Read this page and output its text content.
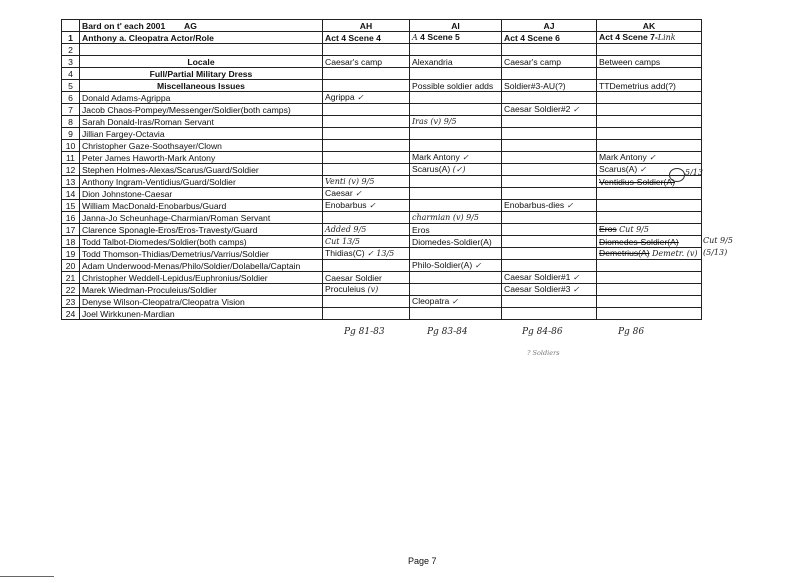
	Bard on t' each 2001 AG	AH	AI	AJ	AK
1	Anthony a. Cleopatra Actor/Role	Act 4 Scene 4	A 4 Scene 5	Act 4 Scene 6	Act 4 Scene 7-Link
2					
3	Locale	Caesar's camp	Alexandria	Caesar's camp	Between camps
4	Full/Partial Military Dress				
5	Miscellaneous Issues		Possible soldier adds	Soldier#3-AU(?)	TTDemetrius add(?)
6	Donald Adams-Agrippa	Agrippa ✓			
7	Jacob Chaos-Pompey/Messenger/Soldier(both camps)			Caesar Soldier#2 ✓	
8	Sarah Donald-Iras/Roman Servant		Iras (v) 9/5		
9	Jillian Fargey-Octavia				
10	Christopher Gaze-Soothsayer/Clown				
11	Peter James Haworth-Mark Antony		Mark Antony ✓		Mark Antony ✓
12	Stephen Holmes-Alexas/Scarus/Guard/Soldier		Scarus(A) (✓)		Scarus(A) ✓
13	Anthony Ingram-Ventidius/Guard/Soldier	Venti (v) 9/5			Ventidius-Soldier(A)
14	Dion Johnstone-Caesar	Caesar ✓			
15	William MacDonald-Enobarbus/Guard	Enobarbus ✓		Enobarbus-dies ✓	
16	Janna-Jo Scheunhage-Charmian/Roman Servant		charmian (v) 9/5		
17	Clarence Sponagle-Eros/Eros-Travesty/Guard	Added 9/5	Eros		Eros Cut 9/5
18	Todd Talbot-Diomedes/Soldier(both camps)	Cut 13/5	Diomedes-Soldier(A)		Diomedes-Soldier(A)
19	Todd Thomson-Thidias/Demetrius/Varrius/Soldier	Thidias(C) ✓ 13/5			Demetrius(A) Demetr. (v)
20	Adam Underwood-Menas/Philo/Soldier/Dolabella/Captain		Philo-Soldier(A) ✓		
21	Christopher Weddell-Lepidus/Euphronius/Soldier	Caesar Soldier		Caesar Soldier#1 ✓	
22	Marek Wiedman-Proculeius/Soldier	Proculeius (v)		Caesar Soldier#3 ✓	
23	Denyse Wilson-Cleopatra/Cleopatra Vision		Cleopatra ✓		
24	Joel Wirkkunen-Mardian				
5/13
Pg 81-83	Pg 83-84	Pg 84-86
? Soldiers
Pg 86
Page 7
Cut 9/5
(5/13)
